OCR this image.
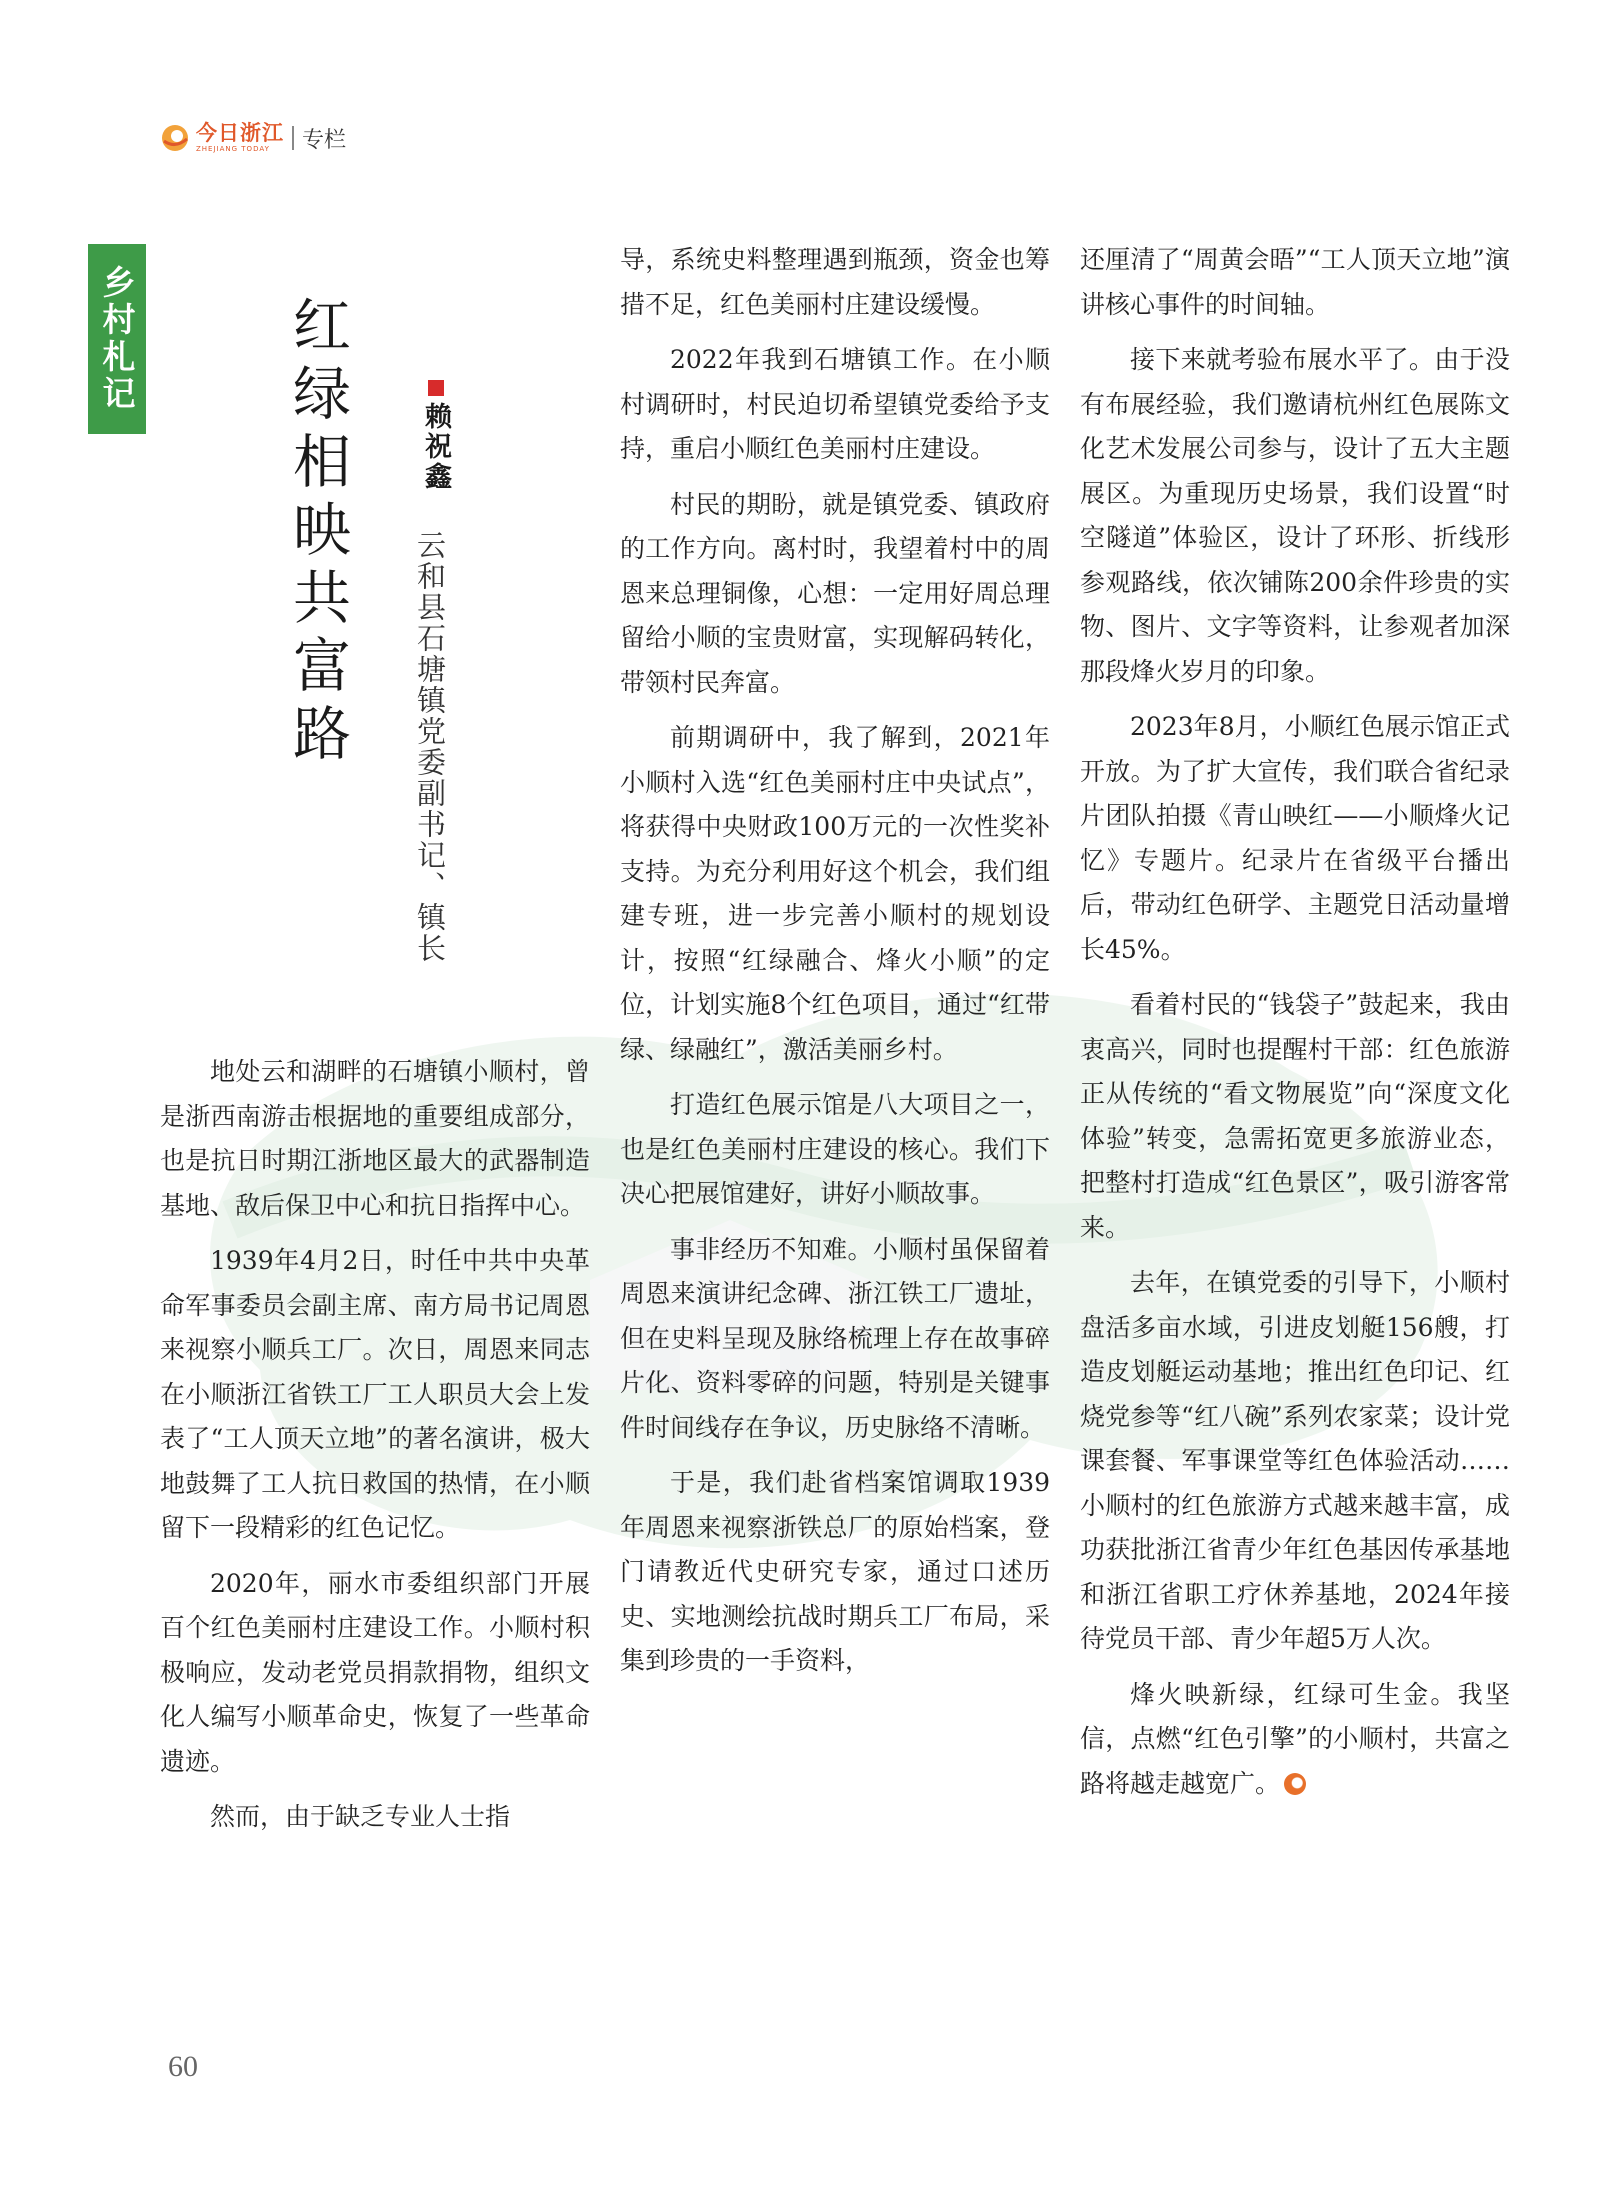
今日浙江
ZHEJIANG TODAY	专栏
乡村札记	红绿相映共富路	赖祝鑫
云和县石塘镇党委副书记、镇长

地处云和湖畔的石塘镇小顺村，曾是浙西南游击根据地的重要组成部分，也是抗日时期江浙地区最大的武器制造基地、敌后保卫中心和抗日指挥中心。

1939年4月2日，时任中共中央革命军事委员会副主席、南方局书记周恩来视察小顺兵工厂。次日，周恩来同志在小顺浙江省铁工厂工人职员大会上发表了“工人顶天立地”的著名演讲，极大地鼓舞了工人抗日救国的热情，在小顺留下一段精彩的红色记忆。

2020年，丽水市委组织部门开展百个红色美丽村庄建设工作。小顺村积极响应，发动老党员捐款捐物，组织文化人编写小顺革命史，恢复了一些革命遗迹。

然而，由于缺乏专业人士指

导，系统史料整理遇到瓶颈，资金也筹措不足，红色美丽村庄建设缓慢。

2022年我到石塘镇工作。在小顺村调研时，村民迫切希望镇党委给予支持，重启小顺红色美丽村庄建设。

村民的期盼，就是镇党委、镇政府的工作方向。离村时，我望着村中的周恩来总理铜像，心想：一定用好周总理留给小顺的宝贵财富，实现解码转化，带领村民奔富。

前期调研中，我了解到，2021年小顺村入选“红色美丽村庄中央试点”，将获得中央财政100万元的一次性奖补支持。为充分利用好这个机会，我们组建专班，进一步完善小顺村的规划设计，按照“红绿融合、烽火小顺”的定位，计划实施8个红色项目，通过“红带绿、绿融红”，激活美丽乡村。

打造红色展示馆是八大项目之一，也是红色美丽村庄建设的核心。我们下决心把展馆建好，讲好小顺故事。

事非经历不知难。小顺村虽保留着周恩来演讲纪念碑、浙江铁工厂遗址，但在史料呈现及脉络梳理上存在故事碎片化、资料零碎的问题，特别是关键事件时间线存在争议，历史脉络不清晰。

于是，我们赴省档案馆调取1939年周恩来视察浙铁总厂的原始档案，登门请教近代史研究专家，通过口述历史、实地测绘抗战时期兵工厂布局，采集到珍贵的一手资料，

还厘清了“周黄会晤”“工人顶天立地”演讲核心事件的时间轴。

接下来就考验布展水平了。由于没有布展经验，我们邀请杭州红色展陈文化艺术发展公司参与，设计了五大主题展区。为重现历史场景，我们设置“时空隧道”体验区，设计了环形、折线形参观路线，依次铺陈200余件珍贵的实物、图片、文字等资料，让参观者加深那段烽火岁月的印象。

2023年8月，小顺红色展示馆正式开放。为了扩大宣传，我们联合省纪录片团队拍摄《青山映红——小顺烽火记忆》专题片。纪录片在省级平台播出后，带动红色研学、主题党日活动量增长45%。

看着村民的“钱袋子”鼓起来，我由衷高兴，同时也提醒村干部：红色旅游正从传统的“看文物展览”向“深度文化体验”转变，急需拓宽更多旅游业态，把整村打造成“红色景区”，吸引游客常来。

去年，在镇党委的引导下，小顺村盘活多亩水域，引进皮划艇156艘，打造皮划艇运动基地；推出红色印记、红烧党参等“红八碗”系列农家菜；设计党课套餐、军事课堂等红色体验活动……小顺村的红色旅游方式越来越丰富，成功获批浙江省青少年红色基因传承基地和浙江省职工疗休养基地，2024年接待党员干部、青少年超5万人次。

烽火映新绿，红绿可生金。我坚信，点燃“红色引擎”的小顺村，共富之路将越走越宽广。

60
